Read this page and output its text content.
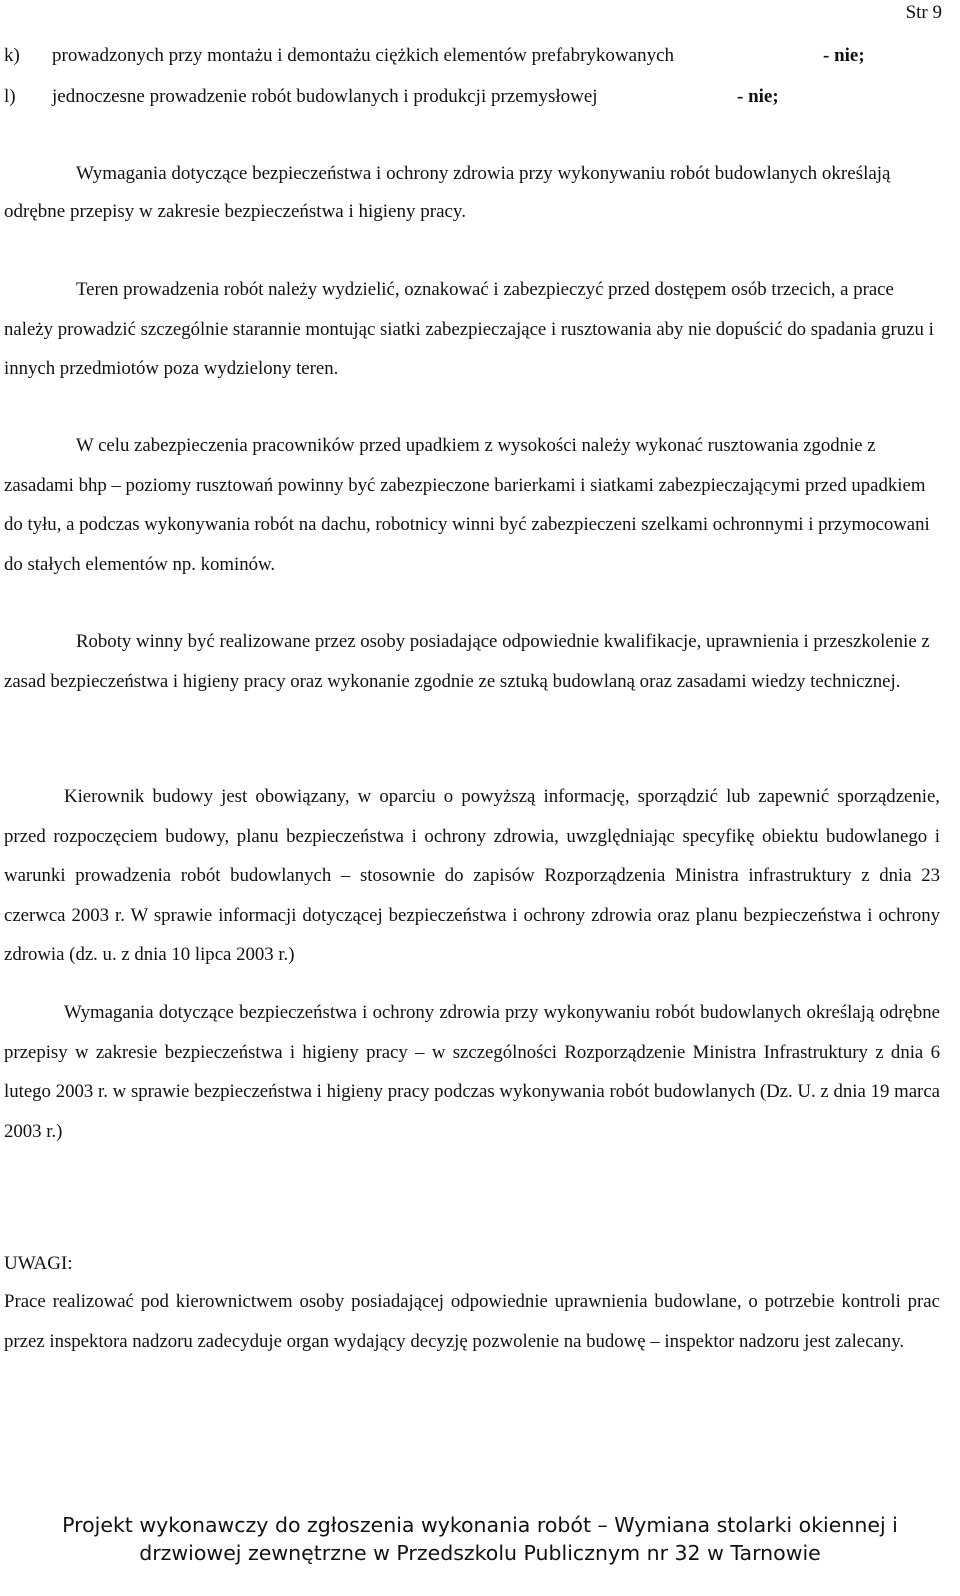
Str 9
k) prowadzonych przy montażu i demontażu ciężkich elementów prefabrykowanych	- nie;
l) jednoczesne prowadzenie robót budowlanych i produkcji przemysłowej	- nie;

Wymagania dotyczące bezpieczeństwa i ochrony zdrowia przy wykonywaniu robót budowlanych określają odrębne przepisy w zakresie bezpieczeństwa i higieny pracy.

Teren prowadzenia robót należy wydzielić, oznakować i zabezpieczyć przed dostępem osób trzecich, a prace należy prowadzić szczególnie starannie montując siatki zabezpieczające i rusztowania aby nie dopuścić do spadania gruzu i innych przedmiotów poza wydzielony teren.

W celu zabezpieczenia pracowników przed upadkiem z wysokości należy wykonać rusztowania zgodnie z zasadami bhp – poziomy rusztowań powinny być zabezpieczone barierkami i siatkami zabezpieczającymi przed upadkiem do tyłu, a podczas wykonywania robót na dachu, robotnicy winni być zabezpieczeni szelkami ochronnymi i przymocowani do stałych elementów np. kominów.

Roboty winny być realizowane przez osoby posiadające odpowiednie kwalifikacje, uprawnienia i przeszkolenie z zasad bezpieczeństwa i higieny pracy oraz wykonanie zgodnie ze sztuką budowlaną oraz zasadami wiedzy technicznej.

Kierownik budowy jest obowiązany, w oparciu o powyższą informację, sporządzić lub zapewnić sporządzenie, przed rozpoczęciem budowy, planu bezpieczeństwa i ochrony zdrowia, uwzględniając specyfikę obiektu budowlanego i warunki prowadzenia robót budowlanych – stosownie do zapisów Rozporządzenia Ministra infrastruktury z dnia 23 czerwca 2003 r. W sprawie informacji dotyczącej bezpieczeństwa i ochrony zdrowia oraz planu bezpieczeństwa i ochrony zdrowia (dz. u. z dnia 10 lipca 2003 r.)

Wymagania dotyczące bezpieczeństwa i ochrony zdrowia przy wykonywaniu robót budowlanych określają odrębne przepisy w zakresie bezpieczeństwa i higieny pracy – w szczególności Rozporządzenie Ministra Infrastruktury z dnia 6 lutego 2003 r. w sprawie bezpieczeństwa i higieny pracy podczas wykonywania robót budowlanych (Dz. U. z dnia 19 marca 2003 r.)

UWAGI:

Prace realizować pod kierownictwem osoby posiadającej odpowiednie uprawnienia budowlane, o potrzebie kontroli prac przez inspektora nadzoru zadecyduje organ wydający decyzję pozwolenie na budowę – inspektor nadzoru jest zalecany.

Projekt wykonawczy do zgłoszenia wykonania robót – Wymiana stolarki okiennej i
drzwiowej zewnętrzne w Przedszkolu Publicznym nr 32 w Tarnowie
